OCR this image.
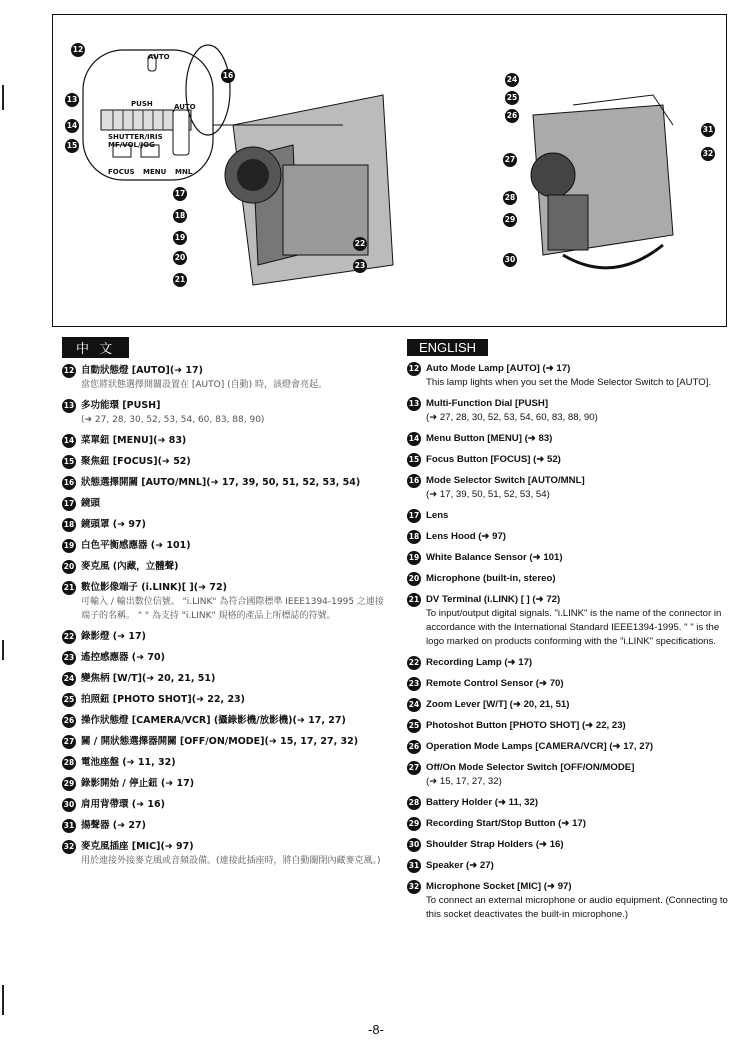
12
13
14
15
16
17
18
19
20
21
22
23
24
25
26
27
28
29
30
31
32
AUTO
PUSH
SHUTTER/IRIS
MF/VOL/JOG
FOCUS MENU MNL
AUTO
中 文
12 自動狀態燈 [AUTO](➜ 17)
當您將狀態選擇開關設置在 [AUTO] (自動) 時，該燈會亮起。
13 多功能環 [PUSH]
(➜ 27, 28, 30, 52, 53, 54, 60, 83, 88, 90)
14 菜單鈕 [MENU](➜ 83)
15 聚焦鈕 [FOCUS](➜ 52)
16 狀態選擇開關 [AUTO/MNL](➜ 17, 39, 50, 51, 52, 53, 54)
17 鏡頭
18 鏡頭罩 (➜ 97)
19 白色平衡感應器 (➜ 101)
20 麥克風 (內藏，立體聲)
21 數位影像端子 (i.LINK)[ ](➜ 72)
可輸入 / 輸出數位信號。 "i.LINK" 為符合國際標準 IEEE1394-1995 之連接端子的名稱。 " " 為支持 "i.LINK" 規格的產品上所標誌的符號。
22 錄影燈 (➜ 17)
23 遙控感應器 (➜ 70)
24 變焦柄 [W/T](➜ 20, 21, 51)
25 拍照鈕 [PHOTO SHOT](➜ 22, 23)
26 操作狀態燈 [CAMERA/VCR] (攝錄影機/放影機)(➜ 17, 27)
27 關 / 開狀態選擇器開關 [OFF/ON/MODE](➜ 15, 17, 27, 32)
28 電池座盤 (➜ 11, 32)
29 錄影開始 / 停止鈕 (➜ 17)
30 肩用背帶環 (➜ 16)
31 揚聲器 (➜ 27)
32 麥克風插座 [MIC](➜ 97)
用於連接外接麥克風或音頻設備。(連接此插座時，將自動關閉內藏麥克風。)
ENGLISH
12 Auto Mode Lamp [AUTO] (➜ 17)
This lamp lights when you set the Mode Selector Switch to [AUTO].
13 Multi-Function Dial [PUSH]
(➜ 27, 28, 30, 52, 53, 54, 60, 83, 88, 90)
14 Menu Button [MENU] (➜ 83)
15 Focus Button [FOCUS] (➜ 52)
16 Mode Selector Switch [AUTO/MNL]
(➜ 17, 39, 50, 51, 52, 53, 54)
17 Lens
18 Lens Hood (➜ 97)
19 White Balance Sensor (➜ 101)
20 Microphone (built-in, stereo)
21 DV Terminal (i.LINK) [ ] (➜ 72)
To input/output digital signals. "i.LINK" is the name of the connector in accordance with the International Standard IEEE1394-1995. " " is the logo marked on products conforming with the "i.LINK" specifications.
22 Recording Lamp (➜ 17)
23 Remote Control Sensor (➜ 70)
24 Zoom Lever [W/T] (➜ 20, 21, 51)
25 Photoshot Button [PHOTO SHOT] (➜ 22, 23)
26 Operation Mode Lamps [CAMERA/VCR] (➜ 17, 27)
27 Off/On Mode Selector Switch [OFF/ON/MODE]
(➜ 15, 17, 27, 32)
28 Battery Holder (➜ 11, 32)
29 Recording Start/Stop Button (➜ 17)
30 Shoulder Strap Holders (➜ 16)
31 Speaker (➜ 27)
32 Microphone Socket [MIC] (➜ 97)
To connect an external microphone or audio equipment. (Connecting to this socket deactivates the built-in microphone.)
-8-
